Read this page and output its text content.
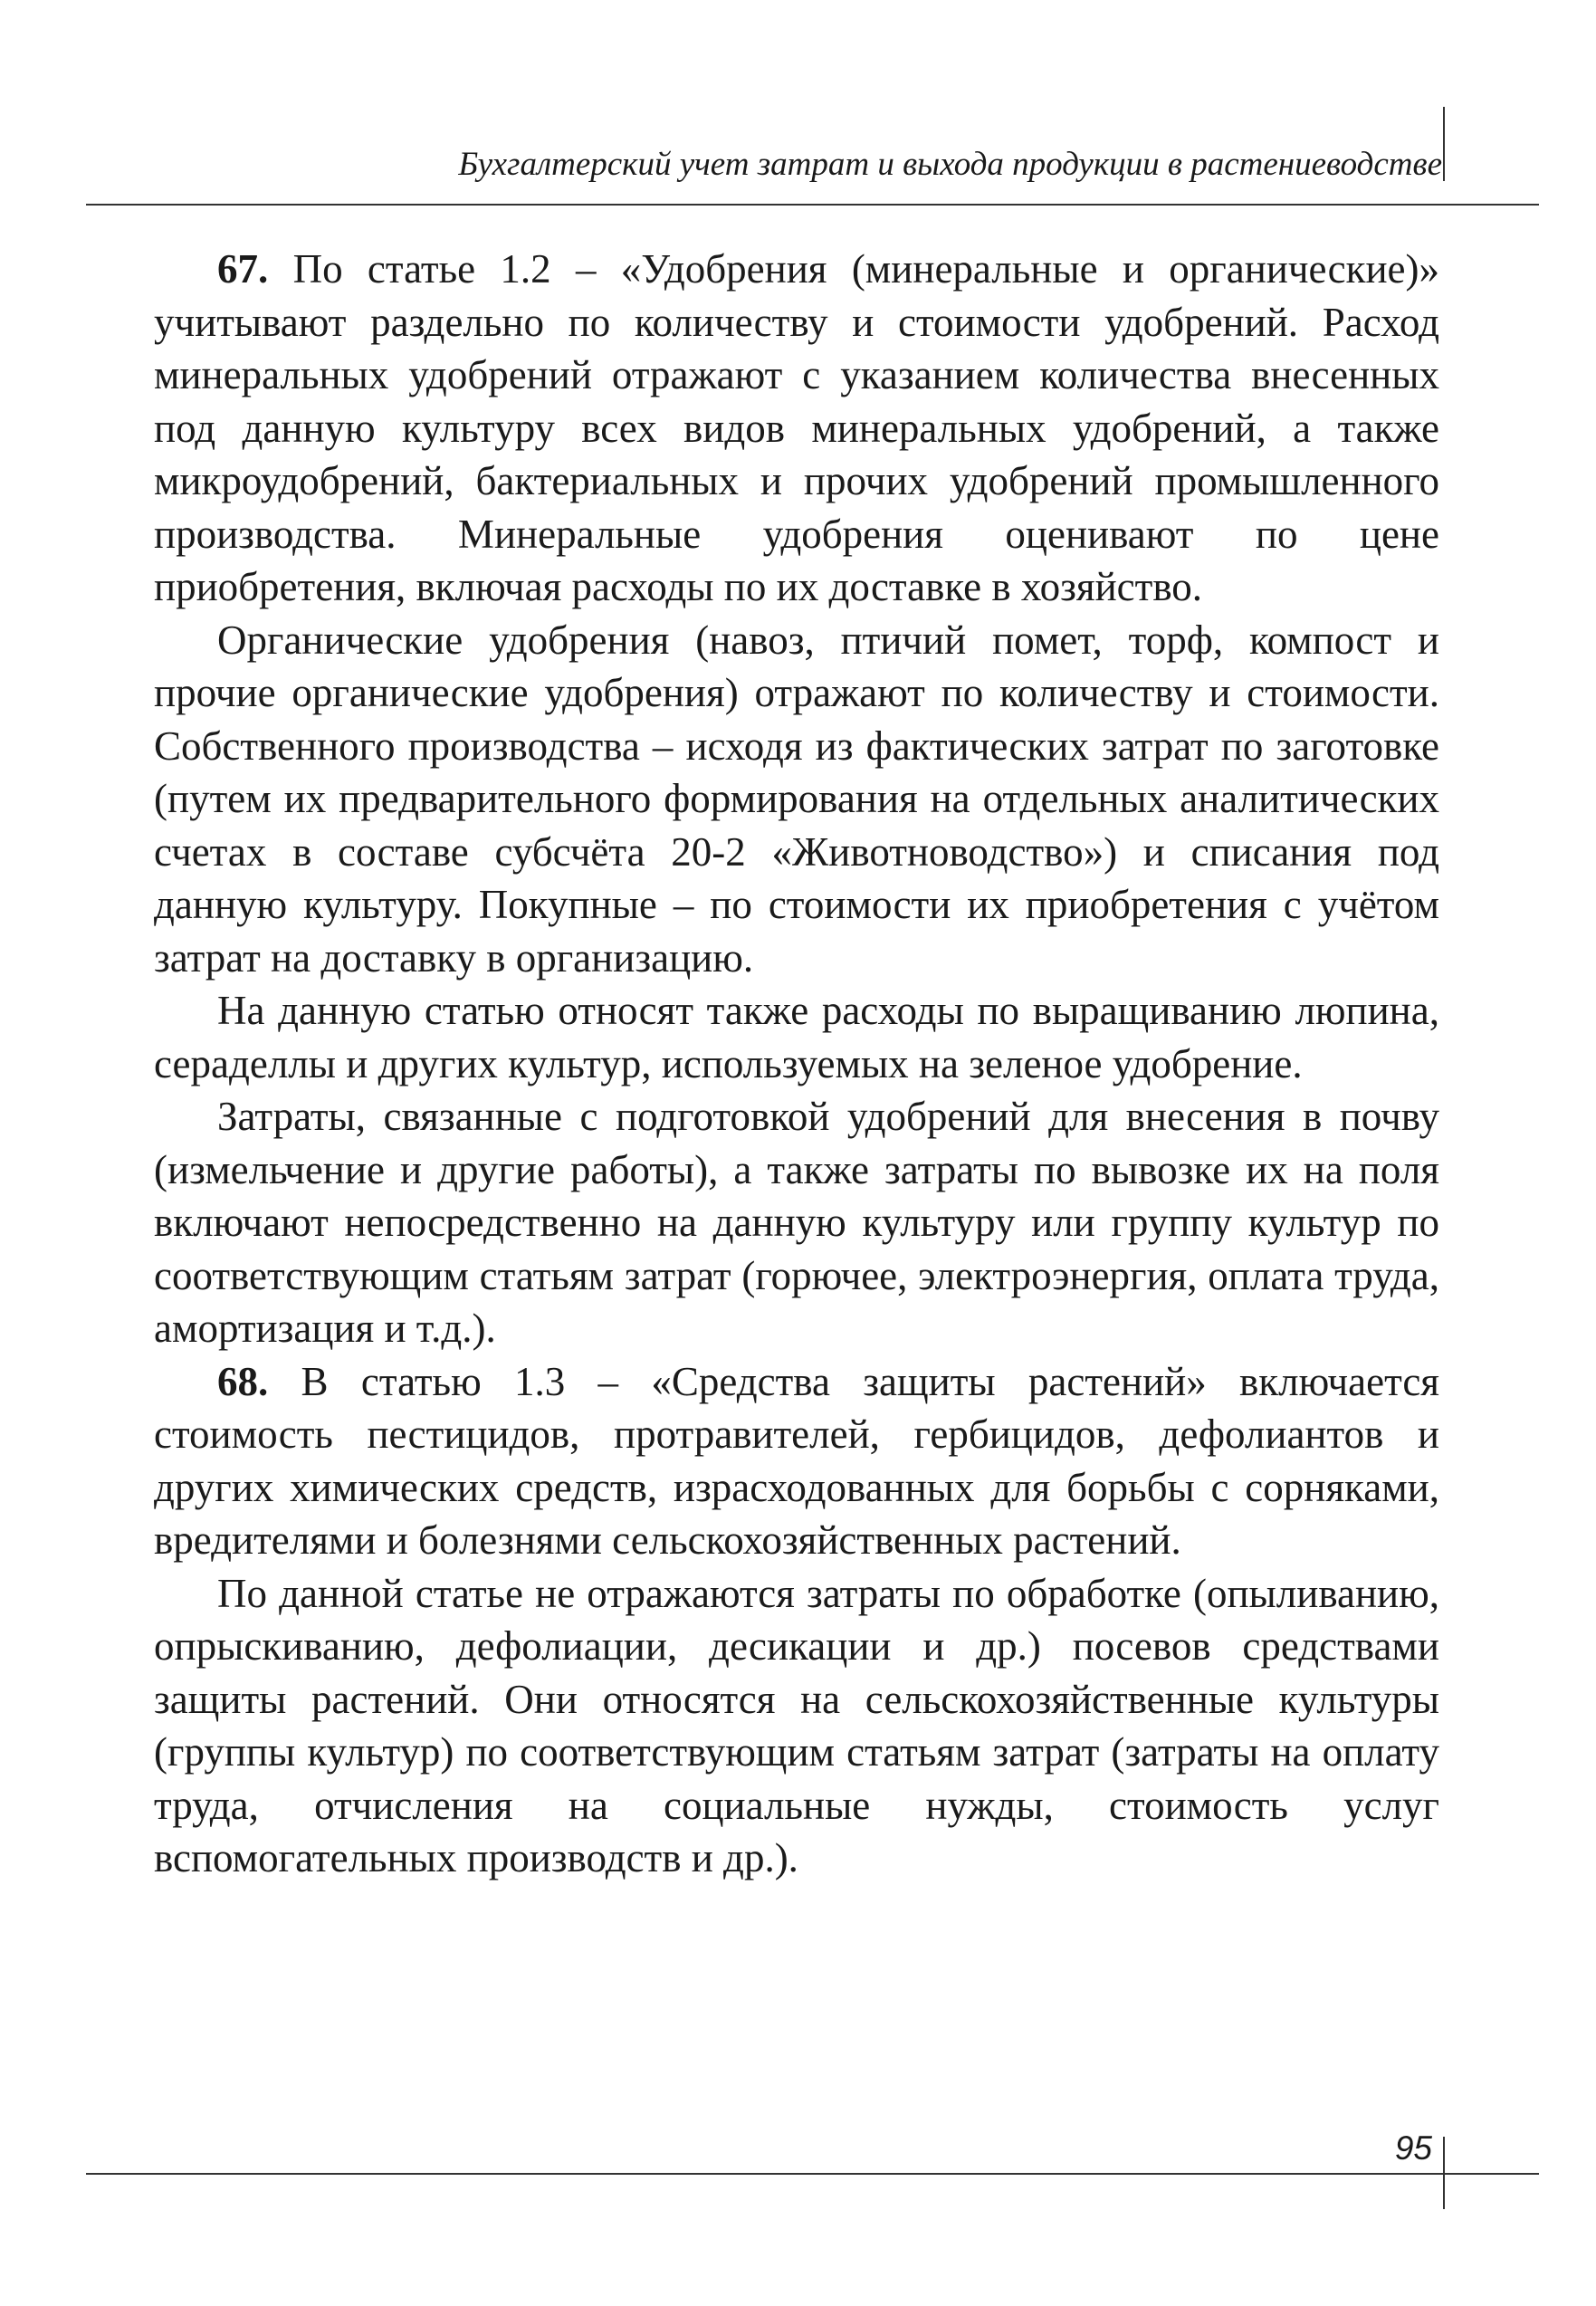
Бухгалтерский учет затрат и выхода продукции в растениеводстве

67. По статье 1.2 – «Удобрения (минеральные и органические)» учитывают раздельно по количеству и стоимости удобрений. Расход минеральных удобрений отражают с указанием количества внесенных под данную культуру всех видов минеральных удобрений, а также микроудобрений, бактериальных и прочих удобрений промышленного производства. Минеральные удобрения оценивают по цене приобретения, включая расходы по их доставке в хозяйство.

Органические удобрения (навоз, птичий помет, торф, компост и прочие органические удобрения) отражают по количеству и стоимости. Собственного производства – исходя из фактических затрат по заготовке (путем их предварительного формирования на отдельных аналитических счетах в составе субсчёта 20-2 «Животноводство») и списания под данную культуру. Покупные – по стоимости их приобретения с учётом затрат на доставку в организацию.

На данную статью относят также расходы по выращиванию люпина, сераделлы и других культур, используемых на зеленое удобрение.

Затраты, связанные с подготовкой удобрений для внесения в почву (измельчение и другие работы), а также затраты по вывозке их на поля включают непосредственно на данную культуру или группу культур по соответствующим статьям затрат (горючее, электроэнергия, оплата труда, амортизация и т.д.).

68. В статью 1.3 – «Средства защиты растений» включается стоимость пестицидов, протравителей, гербицидов, дефолиантов и других химических средств, израсходованных для борьбы с сорняками, вредителями и болезнями сельскохозяйственных растений.

По данной статье не отражаются затраты по обработке (опыливанию, опрыскиванию, дефолиации, десикации и др.) посевов средствами защиты растений. Они относятся на сельскохозяйственные культуры (группы культур) по соответствующим статьям затрат (затраты на оплату труда, отчисления на социальные нужды, стоимость услуг вспомогательных производств и др.).

95
